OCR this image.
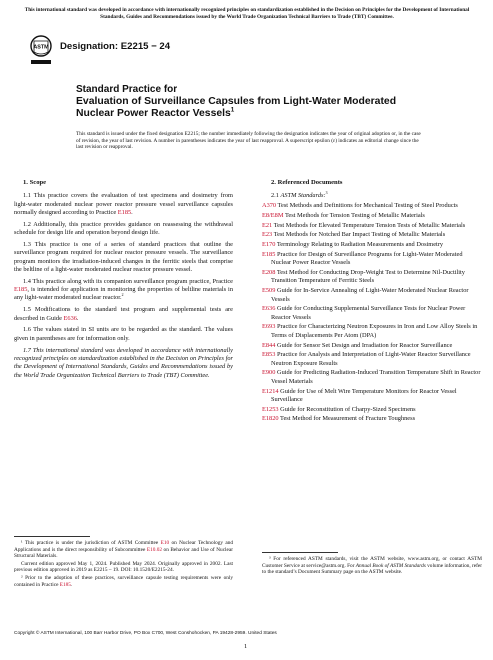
This international standard was developed in accordance with internationally recognized principles on standardization established in the Decision on Principles for the Development of International Standards, Guides and Recommendations issued by the World Trade Organization Technical Barriers to Trade (TBT) Committee.
ASTM Designation: E2215 − 24
Standard Practice for
Evaluation of Surveillance Capsules from Light-Water Moderated Nuclear Power Reactor Vessels$^1$
This standard is issued under the fixed designation E2215; the number immediately following the designation indicates the year of original adoption or, in the case of revision, the year of last revision. A number in parentheses indicates the year of last reapproval. A superscript epsilon (ε) indicates an editorial change since the last revision or reapproval.
1. Scope

1.1 This practice covers the evaluation of test specimens and dosimetry from light-water moderated nuclear power reactor pressure vessel surveillance capsules normally designed according to Practice E185.

1.2 Additionally, this practice provides guidance on reassessing the withdrawal schedule for design life and operation beyond design life.

1.3 This practice is one of a series of standard practices that outline the surveillance program required for nuclear reactor pressure vessels. The surveillance program monitors the irradiation-induced changes in the ferritic steels that comprise the beltline of a light-water moderated nuclear reactor pressure vessel.

1.4 This practice along with its companion surveillance program practice, Practice E185, is intended for application in monitoring the properties of beltline materials in any light-water moderated nuclear reactor.$^2$

1.5 Modifications to the standard test program and supplemental tests are described in Guide E636.

1.6 The values stated in SI units are to be regarded as the standard. The values given in parentheses are for information only.

1.7 This international standard was developed in accordance with internationally recognized principles on standardization established in the Decision on Principles for the Development of International Standards, Guides and Recommendations issued by the World Trade Organization Technical Barriers to Trade (TBT) Committee.

¹ This practice is under the jurisdiction of ASTM Committee E10 on Nuclear Technology and Applications and is the direct responsibility of Subcommittee E10.02 on Behavior and Use of Nuclear Structural Materials.

Current edition approved May 1, 2024. Published May 2024. Originally approved in 2002. Last previous edition approved in 2019 as E2215 – 19. DOI: 10.1520/E2215-24.

² Prior to the adoption of these practices, surveillance capsule testing requirements were only contained in Practice E185.

2. Referenced Documents
2.1 ASTM Standards:$^3$
A370 Test Methods and Definitions for Mechanical Testing of Steel Products
E8/E8M Test Methods for Tension Testing of Metallic Materials
E21 Test Methods for Elevated Temperature Tension Tests of Metallic Materials
E23 Test Methods for Notched Bar Impact Testing of Metallic Materials
E170 Terminology Relating to Radiation Measurements and Dosimetry
E185 Practice for Design of Surveillance Programs for Light-Water Moderated Nuclear Power Reactor Vessels
E208 Test Method for Conducting Drop-Weight Test to Determine Nil-Ductility Transition Temperature of Ferritic Steels
E509 Guide for In-Service Annealing of Light-Water Moderated Nuclear Reactor Vessels
E636 Guide for Conducting Supplemental Surveillance Tests for Nuclear Power Reactor Vessels
E693 Practice for Characterizing Neutron Exposures in Iron and Low Alloy Steels in Terms of Displacements Per Atom (DPA)
E844 Guide for Sensor Set Design and Irradiation for Reactor Surveillance
E853 Practice for Analysis and Interpretation of Light-Water Reactor Surveillance Neutron Exposure Results
E900 Guide for Predicting Radiation-Induced Transition Temperature Shift in Reactor Vessel Materials
E1214 Guide for Use of Melt Wire Temperature Monitors for Reactor Vessel Surveillance
E1253 Guide for Reconstitution of Charpy-Sized Specimens
E1820 Test Method for Measurement of Fracture Toughness

³ For referenced ASTM standards, visit the ASTM website, www.astm.org, or contact ASTM Customer Service at service@astm.org. For Annual Book of ASTM Standards volume information, refer to the standard’s Document Summary page on the ASTM website.

Copyright © ASTM International, 100 Barr Harbor Drive, PO Box C700, West Conshohocken, PA 19428-2959. United States
1
